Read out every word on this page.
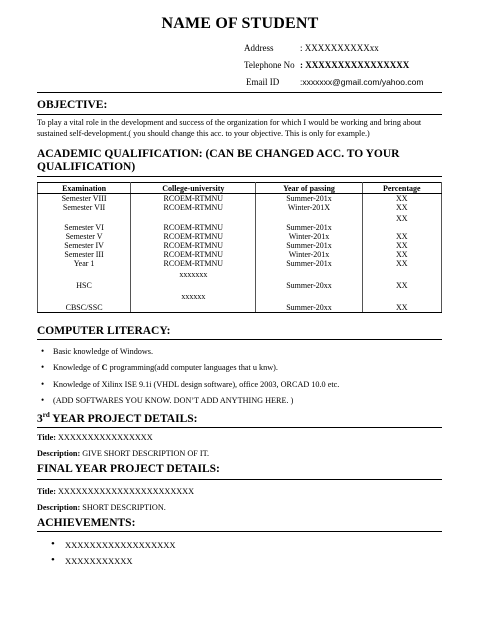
NAME OF STUDENT
Address	: XXXXXXXXXXxx
Telephone No : XXXXXXXXXXXXXXXX
Email ID :xxxxxxx@gmail.com/yahoo.com
OBJECTIVE:
To play a vital role in the development and success of the organization for which I would be working and bring about sustained self-development.( you should change this acc. to your objective. This is only for example.)
ACADEMIC QUALIFICATION: (CAN BE CHANGED ACC. TO YOUR
QUALIFICATION)
Examination	College-university	Year of passing	Percentage
Semester VIII	RCOEM-RTMNU	Summer-201x	XX
Semester VII	RCOEM-RTMNU	Winter-201X	XX
Semester VI	RCOEM-RTMNU	Summer-201x	XX

Semester V	RCOEM-RTMNU	Winter-201x	XX
Semester IV	RCOEM-RTMNU	Summer-201x	XX
Semester III	RCOEM-RTMNU	Winter-201x	XX
Year 1	RCOEM-RTMNU	Summer-201x	XX
HSC	xxxxxxx	Summer-20xx	XX
CBSC/SSC	xxxxxx	Summer-20xx	XX
COMPUTER LITERACY:
• Basic knowledge of Windows.
• Knowledge of C programming(add computer languages that u knw).
• Knowledge of Xilinx ISE 9.1i (VHDL design software), office 2003, ORCAD 10.0 etc.
• (ADD SOFTWARES YOU KNOW. DON’T ADD ANYTHING HERE. )
3rd YEAR PROJECT DETAILS:
Title: XXXXXXXXXXXXXXXX
Description: GIVE SHORT DESCRIPTION OF IT.
FINAL YEAR PROJECT DETAILS:
Title: XXXXXXXXXXXXXXXXXXXXXXX
Description: SHORT DESCRIPTION.
ACHIEVEMENTS:
• XXXXXXXXXXXXXXXXXX
• XXXXXXXXXXX
